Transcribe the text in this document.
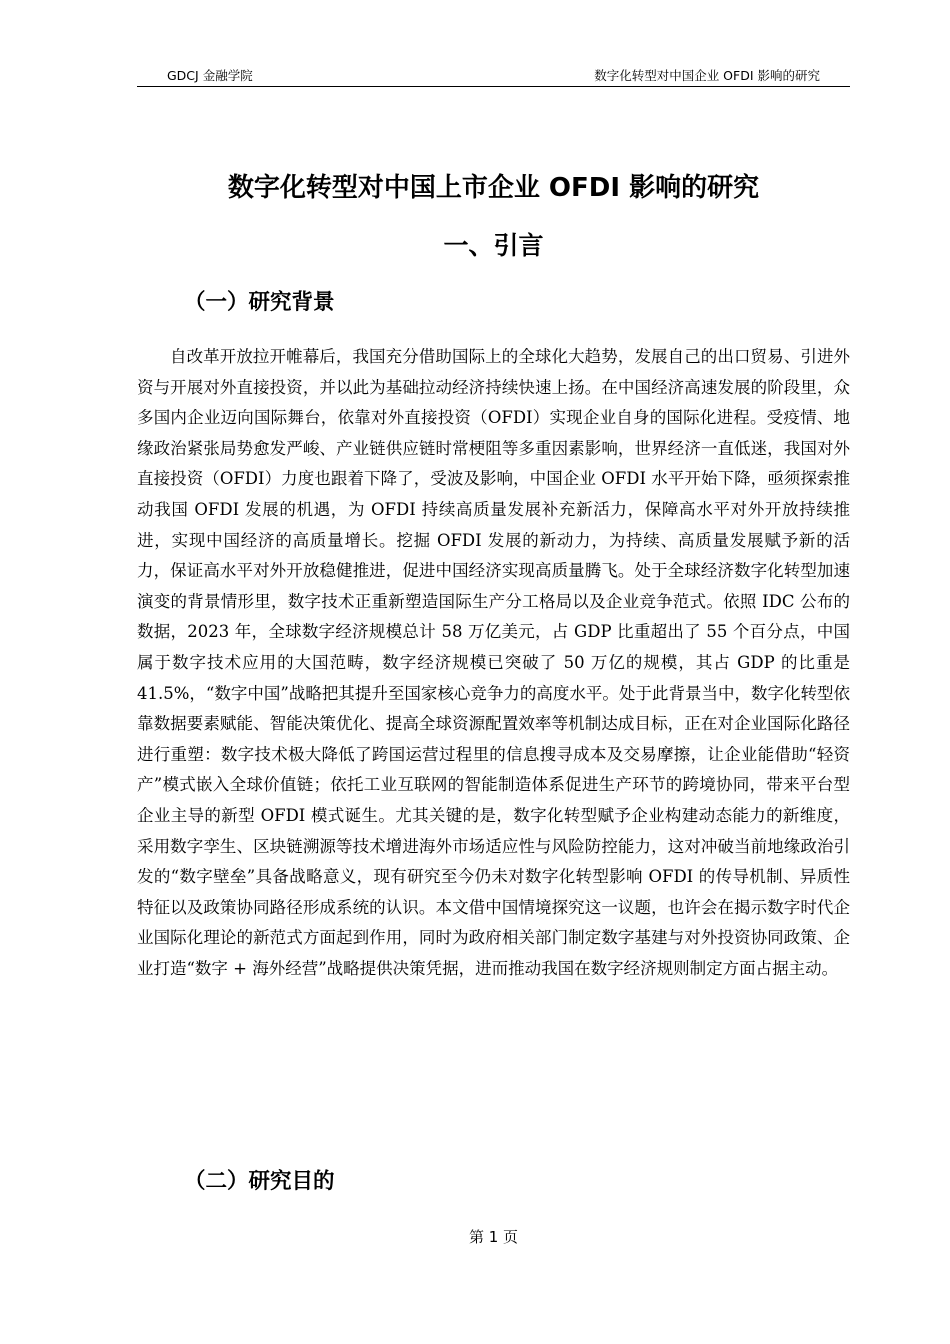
GDCJ 金融学院	数字化转型对中国企业 OFDI 影响的研究
数字化转型对中国上市企业 OFDI 影响的研究
一、引言
（一）研究背景

自改革开放拉开帷幕后，我国充分借助国际上的全球化大趋势，发展自己的出口贸易、引进外资与开展对外直接投资，并以此为基础拉动经济持续快速上扬。在中国经济高速发展的阶段里，众多国内企业迈向国际舞台，依靠对外直接投资（OFDI）实现企业自身的国际化进程。受疫情、地缘政治紧张局势愈发严峻、产业链供应链时常梗阻等多重因素影响，世界经济一直低迷，我国对外直接投资（OFDI）力度也跟着下降了，受波及影响，中国企业 OFDI 水平开始下降，亟须探索推动我国 OFDI 发展的机遇，为 OFDI 持续高质量发展补充新活力，保障高水平对外开放持续推进，实现中国经济的高质量增长。挖掘 OFDI 发展的新动力，为持续、高质量发展赋予新的活力，保证高水平对外开放稳健推进，促进中国经济实现高质量腾飞。处于全球经济数字化转型加速演变的背景情形里，数字技术正重新塑造国际生产分工格局以及企业竞争范式。依照 IDC 公布的数据，2023 年，全球数字经济规模总计 58 万亿美元，占 GDP 比重超出了 55 个百分点，中国属于数字技术应用的大国范畴，数字经济规模已突破了 50 万亿的规模，其占 GDP 的比重是 41.5%，“数字中国”战略把其提升至国家核心竞争力的高度水平。处于此背景当中，数字化转型依靠数据要素赋能、智能决策优化、提高全球资源配置效率等机制达成目标，正在对企业国际化路径进行重塑：数字技术极大降低了跨国运营过程里的信息搜寻成本及交易摩擦，让企业能借助“轻资产”模式嵌入全球价值链；依托工业互联网的智能制造体系促进生产环节的跨境协同，带来平台型企业主导的新型 OFDI 模式诞生。尤其关键的是，数字化转型赋予企业构建动态能力的新维度，采用数字孪生、区块链溯源等技术增进海外市场适应性与风险防控能力，这对冲破当前地缘政治引发的“数字壁垒”具备战略意义，现有研究至今仍未对数字化转型影响 OFDI 的传导机制、异质性特征以及政策协同路径形成系统的认识。本文借中国情境探究这一议题，也许会在揭示数字时代企业国际化理论的新范式方面起到作用，同时为政府相关部门制定数字基建与对外投资协同政策、企业打造“数字 + 海外经营”战略提供决策凭据，进而推动我国在数字经济规则制定方面占据主动。

（二）研究目的
第 1 页
